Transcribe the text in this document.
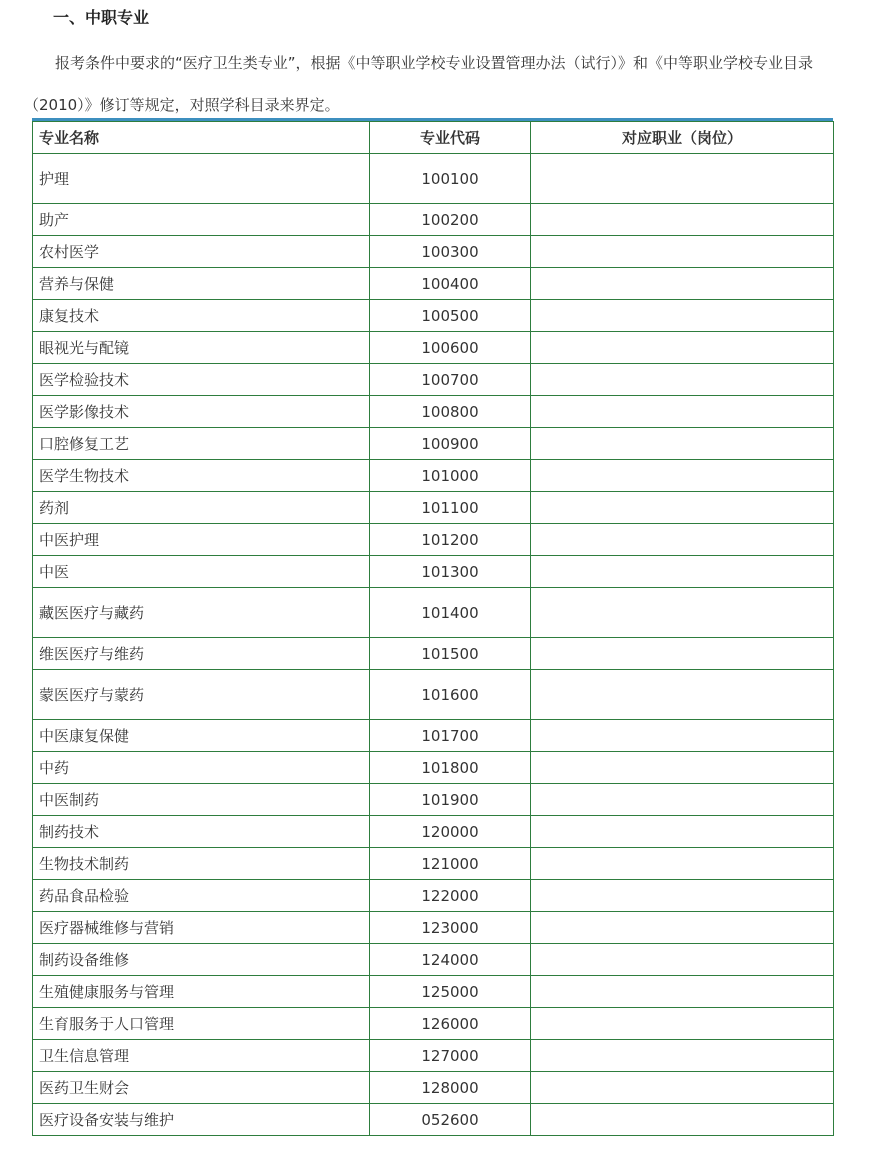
一、中职专业
报考条件中要求的“医疗卫生类专业”，根据《中等职业学校专业设置管理办法（试行）》和《中等职业学校专业目录（2010）》修订等规定，对照学科目录来界定。
专业名称	专业代码	对应职业（岗位）
护理	100100	
助产	100200	
农村医学	100300	
营养与保健	100400	
康复技术	100500	
眼视光与配镜	100600	
医学检验技术	100700	
医学影像技术	100800	
口腔修复工艺	100900	
医学生物技术	101000	
药剂	101100	
中医护理	101200	
中医	101300	
藏医医疗与藏药	101400	
维医医疗与维药	101500	
蒙医医疗与蒙药	101600	
中医康复保健	101700	
中药	101800	
中医制药	101900	
制药技术	120000	
生物技术制药	121000	
药品食品检验	122000	
医疗器械维修与营销	123000	
制药设备维修	124000	
生殖健康服务与管理	125000	
生育服务于人口管理	126000	
卫生信息管理	127000	
医药卫生财会	128000	
医疗设备安装与维护	052600	
